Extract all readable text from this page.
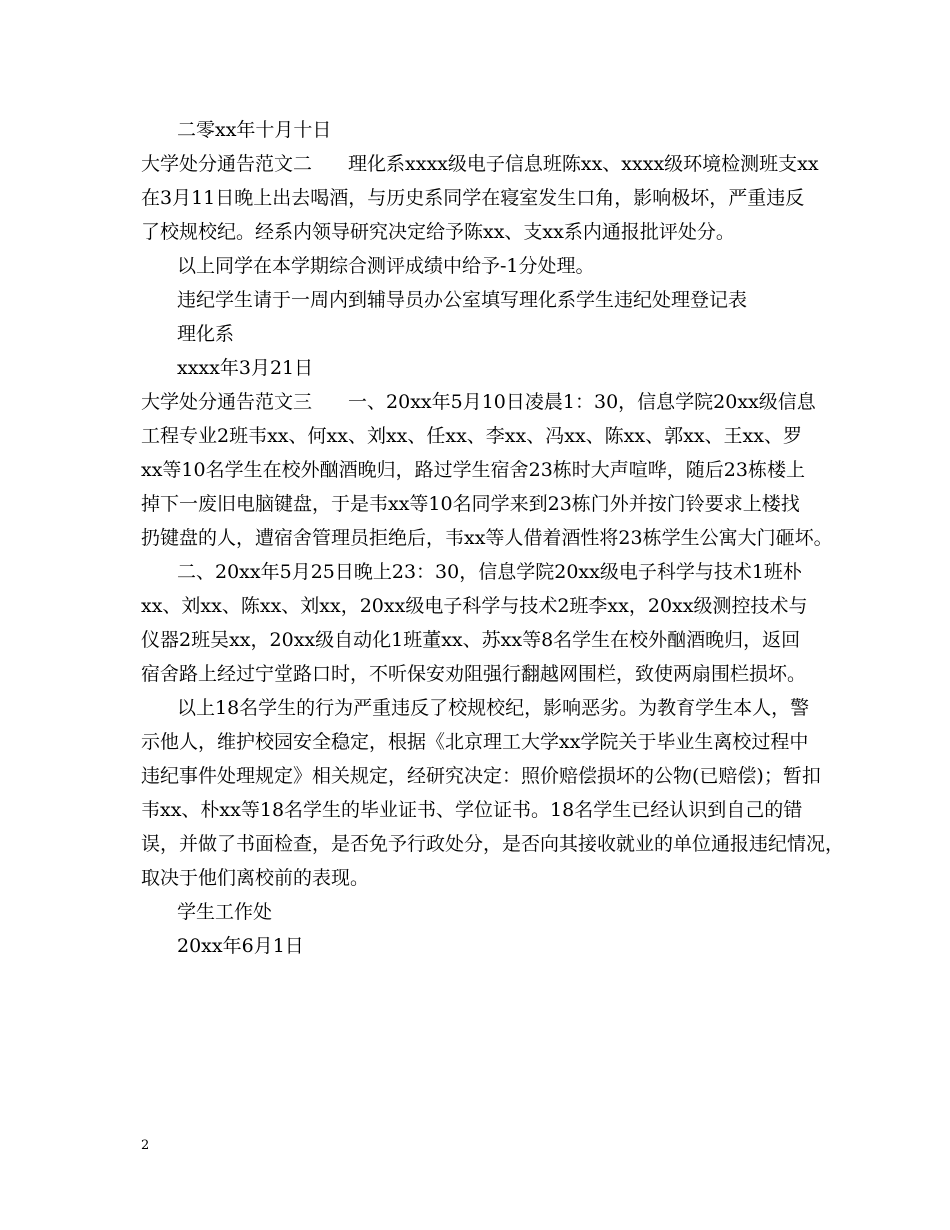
二零xx年十月十日

大学处分通告范文二 理化系xxxx级电子信息班陈xx、xxxx级环境检测班支xx

在3月11日晚上出去喝酒，与历史系同学在寝室发生口角，影响极坏，严重违反

了校规校纪。经系内领导研究决定给予陈xx、支xx系内通报批评处分。

以上同学在本学期综合测评成绩中给予-1分处理。

违纪学生请于一周内到辅导员办公室填写理化系学生违纪处理登记表

理化系

xxxx年3月21日

大学处分通告范文三 一、20xx年5月10日凌晨1：30，信息学院20xx级信息

工程专业2班韦xx、何xx、刘xx、任xx、李xx、冯xx、陈xx、郭xx、王xx、罗

xx等10名学生在校外酗酒晚归，路过学生宿舍23栋时大声喧哗，随后23栋楼上

掉下一废旧电脑键盘，于是韦xx等10名同学来到23栋门外并按门铃要求上楼找

扔键盘的人，遭宿舍管理员拒绝后，韦xx等人借着酒性将23栋学生公寓大门砸坏。

二、20xx年5月25日晚上23：30，信息学院20xx级电子科学与技术1班朴

xx、刘xx、陈xx、刘xx，20xx级电子科学与技术2班李xx，20xx级测控技术与

仪器2班吴xx，20xx级自动化1班董xx、苏xx等8名学生在校外酗酒晚归，返回

宿舍路上经过宁堂路口时，不听保安劝阻强行翻越网围栏，致使两扇围栏损坏。

以上18名学生的行为严重违反了校规校纪，影响恶劣。为教育学生本人，警

示他人，维护校园安全稳定，根据《北京理工大学xx学院关于毕业生离校过程中

违纪事件处理规定》相关规定，经研究决定：照价赔偿损坏的公物(已赔偿)；暂扣

韦xx、朴xx等18名学生的毕业证书、学位证书。18名学生已经认识到自己的错

误，并做了书面检查，是否免予行政处分，是否向其接收就业的单位通报违纪情况，

取决于他们离校前的表现。

学生工作处

20xx年6月1日

2
